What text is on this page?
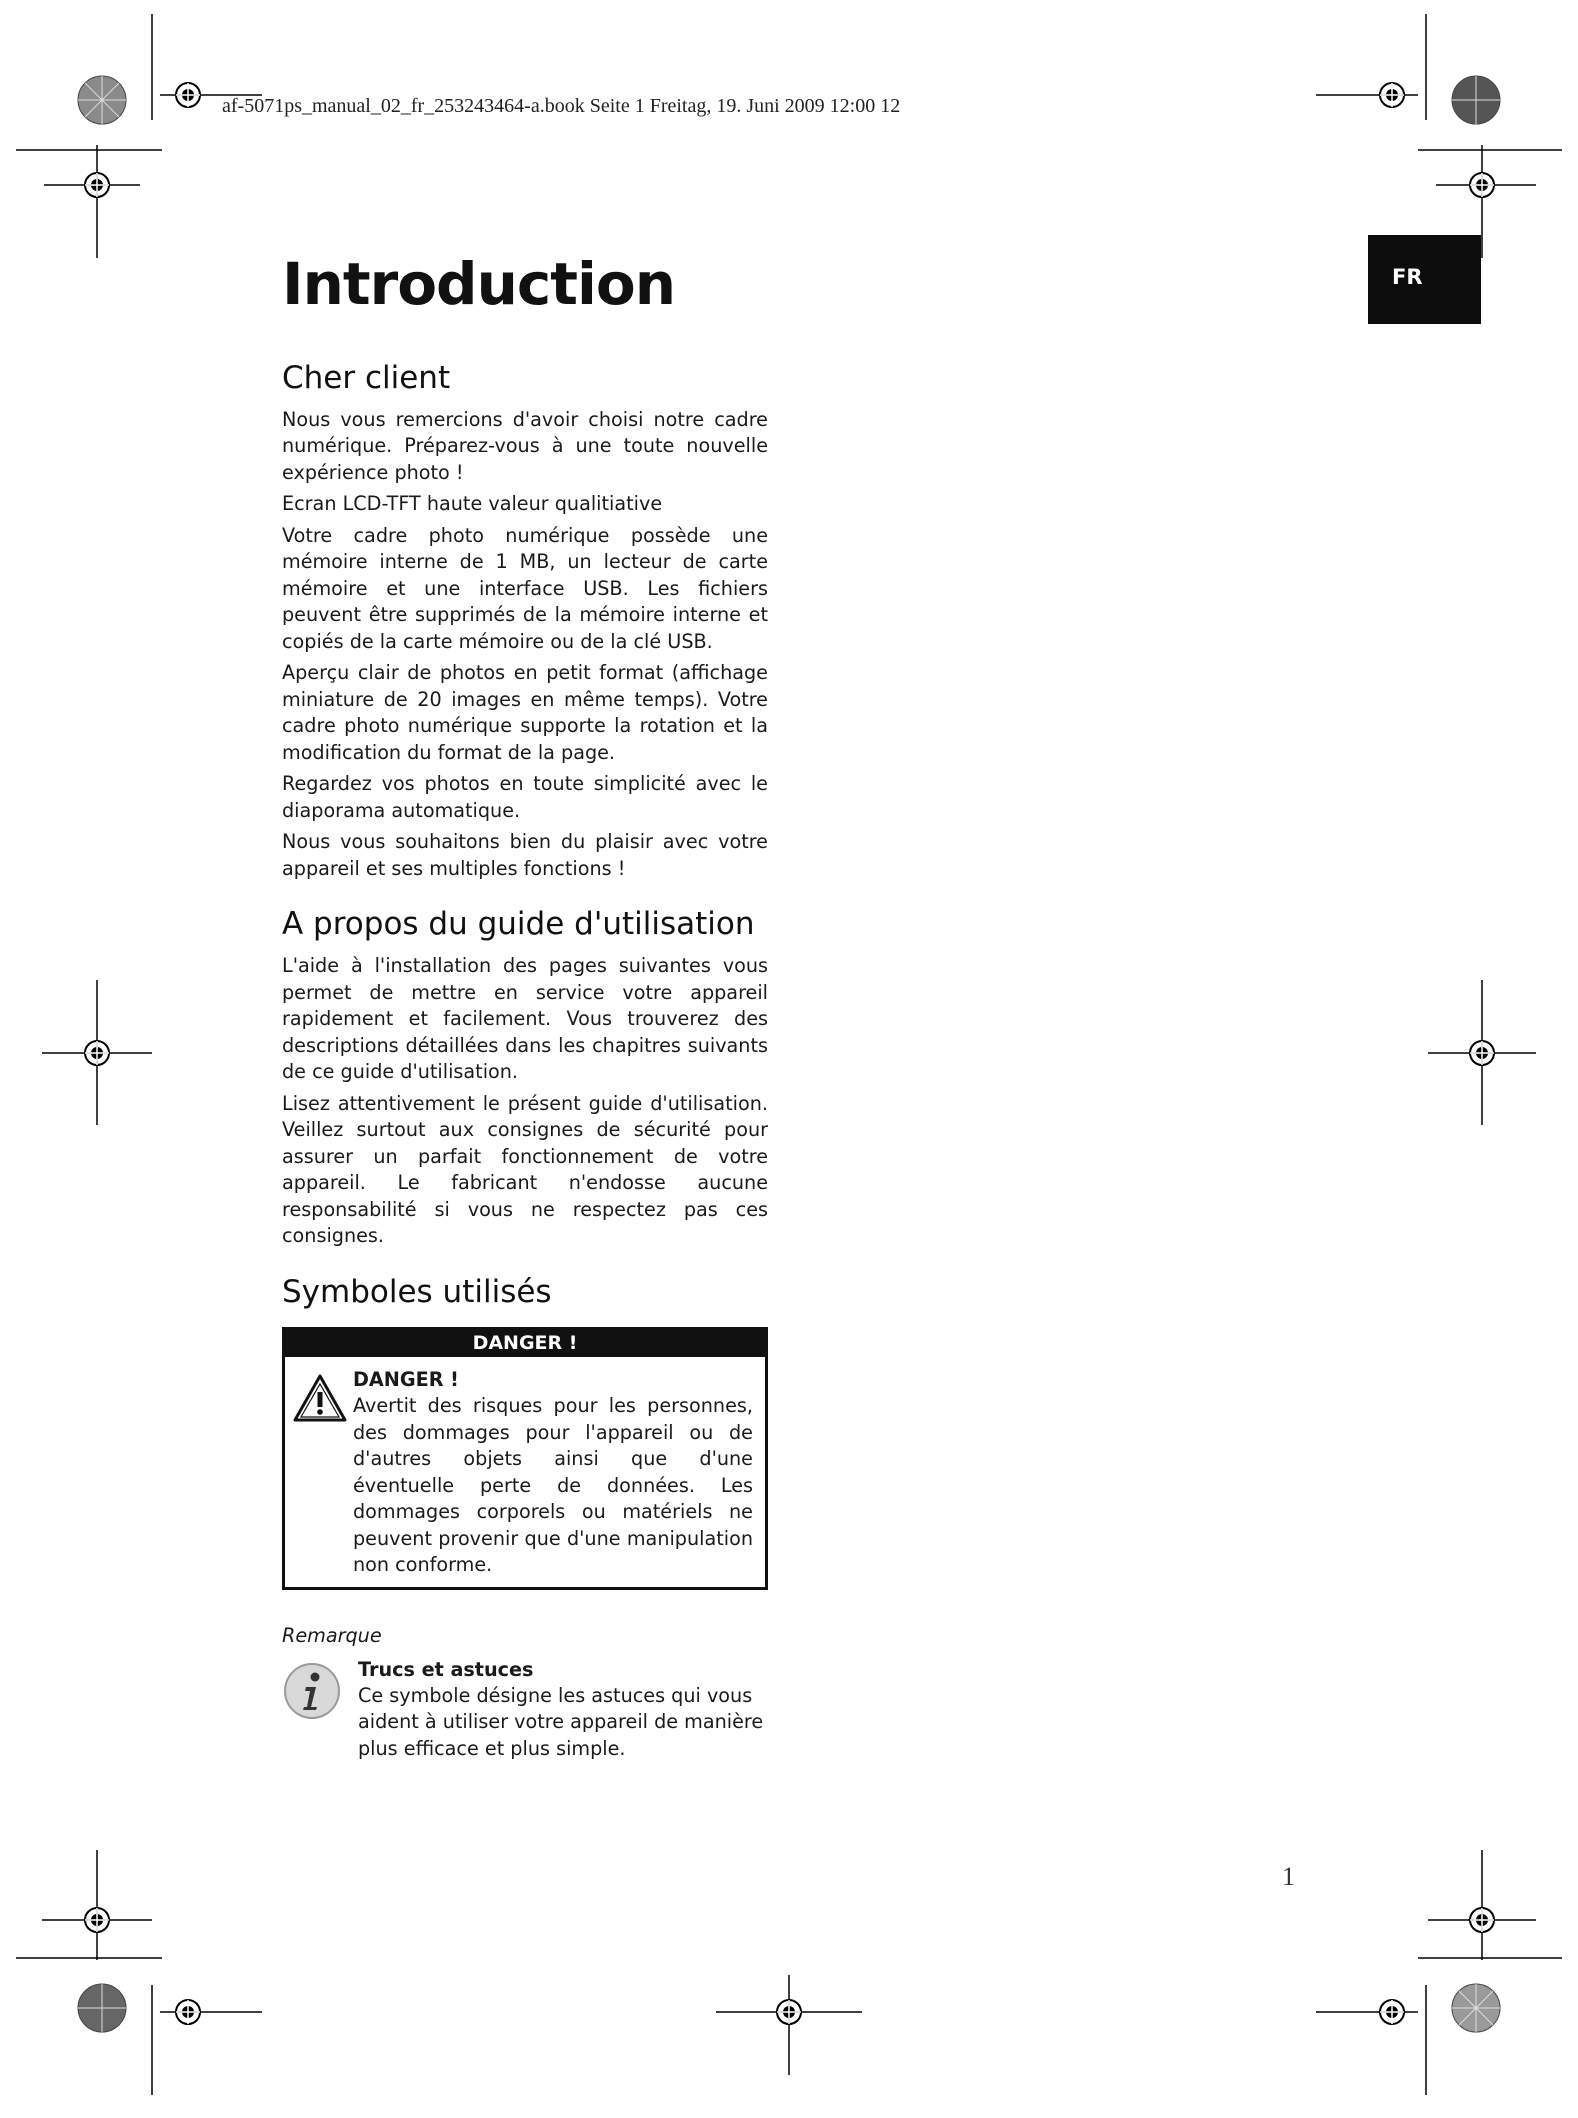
af-5071ps_manual_02_fr_253243464-a.book Seite 1 Freitag, 19. Juni 2009 12:00 12
FR
Introduction
Cher client

Nous vous remercions d'avoir choisi notre cadre numérique. Préparez-vous à une toute nouvelle expérience photo !

Ecran LCD-TFT haute valeur qualitiative

Votre cadre photo numérique possède une mémoire interne de 1 MB, un lecteur de carte mémoire et une interface USB. Les fichiers peuvent être supprimés de la mémoire interne et copiés de la carte mémoire ou de la clé USB.

Aperçu clair de photos en petit format (affichage miniature de 20 images en même temps). Votre cadre photo numérique supporte la rotation et la modification du format de la page.

Regardez vos photos en toute simplicité avec le diaporama automatique.

Nous vous souhaitons bien du plaisir avec votre appareil et ses multiples fonctions !

A propos du guide d'utilisation

L'aide à l'installation des pages suivantes vous permet de mettre en service votre appareil rapidement et facilement. Vous trouverez des descriptions détaillées dans les chapitres suivants de ce guide d'utilisation.

Lisez attentivement le présent guide d'utilisation. Veillez surtout aux consignes de sécurité pour assurer un parfait fonctionnement de votre appareil. Le fabricant n'endosse aucune responsabilité si vous ne respectez pas ces consignes.

Symboles utilisés
DANGER !

DANGER !

Avertit des risques pour les personnes, des dommages pour l'appareil ou de d'autres objets ainsi que d'une éventuelle perte de données. Les dommages corporels ou matériels ne peuvent provenir que d'une manipulation non conforme.

Remarque

Trucs et astuces

Ce symbole désigne les astuces qui vous aident à utiliser votre appareil de manière plus efficace et plus simple.

1
